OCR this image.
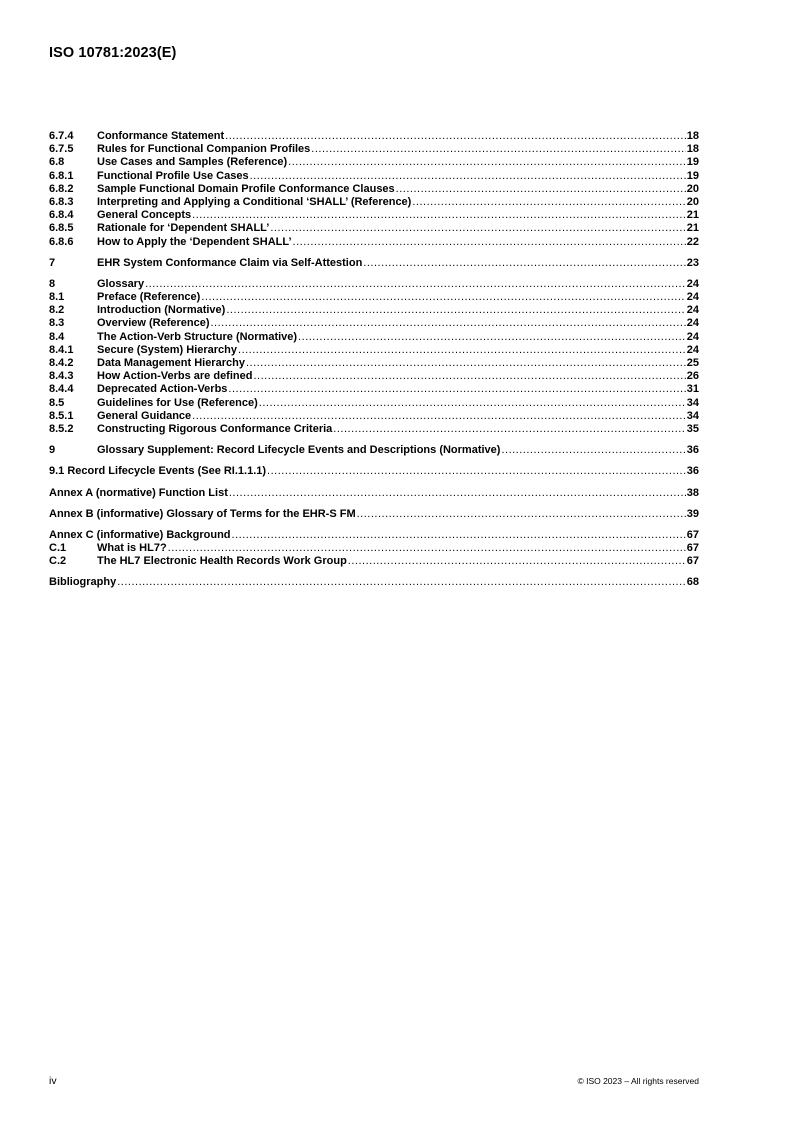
ISO 10781:2023(E)
6.7.4	Conformance Statement .....	18
6.7.5	Rules for Functional Companion Profiles .....	18
6.8	Use Cases and Samples (Reference) .....	19
6.8.1	Functional Profile Use Cases .....	19
6.8.2	Sample Functional Domain Profile Conformance Clauses .....	20
6.8.3	Interpreting and Applying a Conditional ‘SHALL’ (Reference) .....	20
6.8.4	General Concepts .....	21
6.8.5	Rationale for ‘Dependent SHALL’ .....	21
6.8.6	How to Apply the ‘Dependent SHALL’ .....	22
7	EHR System Conformance Claim via Self-Attestion .....	23
8	Glossary .....	24
8.1	Preface (Reference) .....	24
8.2	Introduction (Normative) .....	24
8.3	Overview (Reference) .....	24
8.4	The Action-Verb Structure (Normative) .....	24
8.4.1	Secure (System) Hierarchy .....	24
8.4.2	Data Management Hierarchy .....	25
8.4.3	How Action-Verbs are defined .....	26
8.4.4	Deprecated Action-Verbs .....	31
8.5	Guidelines for Use (Reference) .....	34
8.5.1	General Guidance .....	34
8.5.2	Constructing Rigorous Conformance Criteria .....	35
9	Glossary Supplement: Record Lifecycle Events and Descriptions (Normative) .....	36
9.1 Record Lifecycle Events (See RI.1.1.1) .....	36
Annex A (normative) Function List .....	38
Annex B (informative) Glossary of Terms for the EHR-S FM .....	39
Annex C (informative) Background .....	67
C.1	What is HL7? .....	67
C.2	The HL7 Electronic Health Records Work Group .....	67
Bibliography .....	68
iv	© ISO 2023 – All rights reserved
